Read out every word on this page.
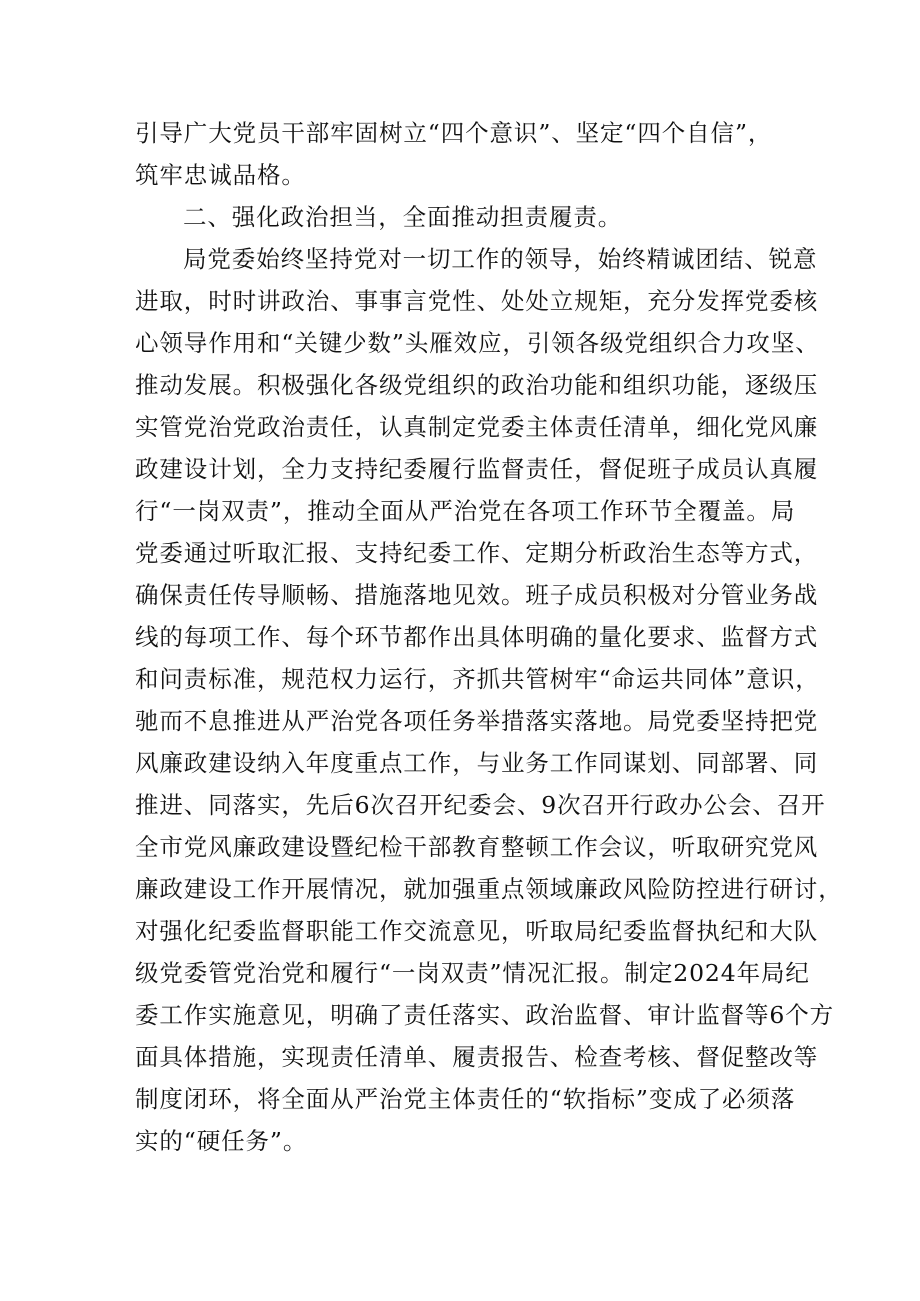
引导广大党员干部牢固树立“四个意识”、坚定“四个自信”，
筑牢忠诚品格。
二、强化政治担当，全面推动担责履责。
局党委始终坚持党对一切工作的领导，始终精诚团结、锐意
进取，时时讲政治、事事言党性、处处立规矩，充分发挥党委核
心领导作用和“关键少数”头雁效应，引领各级党组织合力攻坚、
推动发展。积极强化各级党组织的政治功能和组织功能，逐级压
实管党治党政治责任，认真制定党委主体责任清单，细化党风廉
政建设计划，全力支持纪委履行监督责任，督促班子成员认真履
行“一岗双责”，推动全面从严治党在各项工作环节全覆盖。局
党委通过听取汇报、支持纪委工作、定期分析政治生态等方式，
确保责任传导顺畅、措施落地见效。班子成员积极对分管业务战
线的每项工作、每个环节都作出具体明确的量化要求、监督方式
和问责标准，规范权力运行，齐抓共管树牢“命运共同体”意识，
驰而不息推进从严治党各项任务举措落实落地。局党委坚持把党
风廉政建设纳入年度重点工作，与业务工作同谋划、同部署、同
推进、同落实，先后6次召开纪委会、9次召开行政办公会、召开
全市党风廉政建设暨纪检干部教育整顿工作会议，听取研究党风
廉政建设工作开展情况，就加强重点领域廉政风险防控进行研讨，
对强化纪委监督职能工作交流意见，听取局纪委监督执纪和大队
级党委管党治党和履行“一岗双责”情况汇报。制定2024年局纪
委工作实施意见，明确了责任落实、政治监督、审计监督等6个方
面具体措施，实现责任清单、履责报告、检查考核、督促整改等
制度闭环，将全面从严治党主体责任的“软指标”变成了必须落
实的“硬任务”。
